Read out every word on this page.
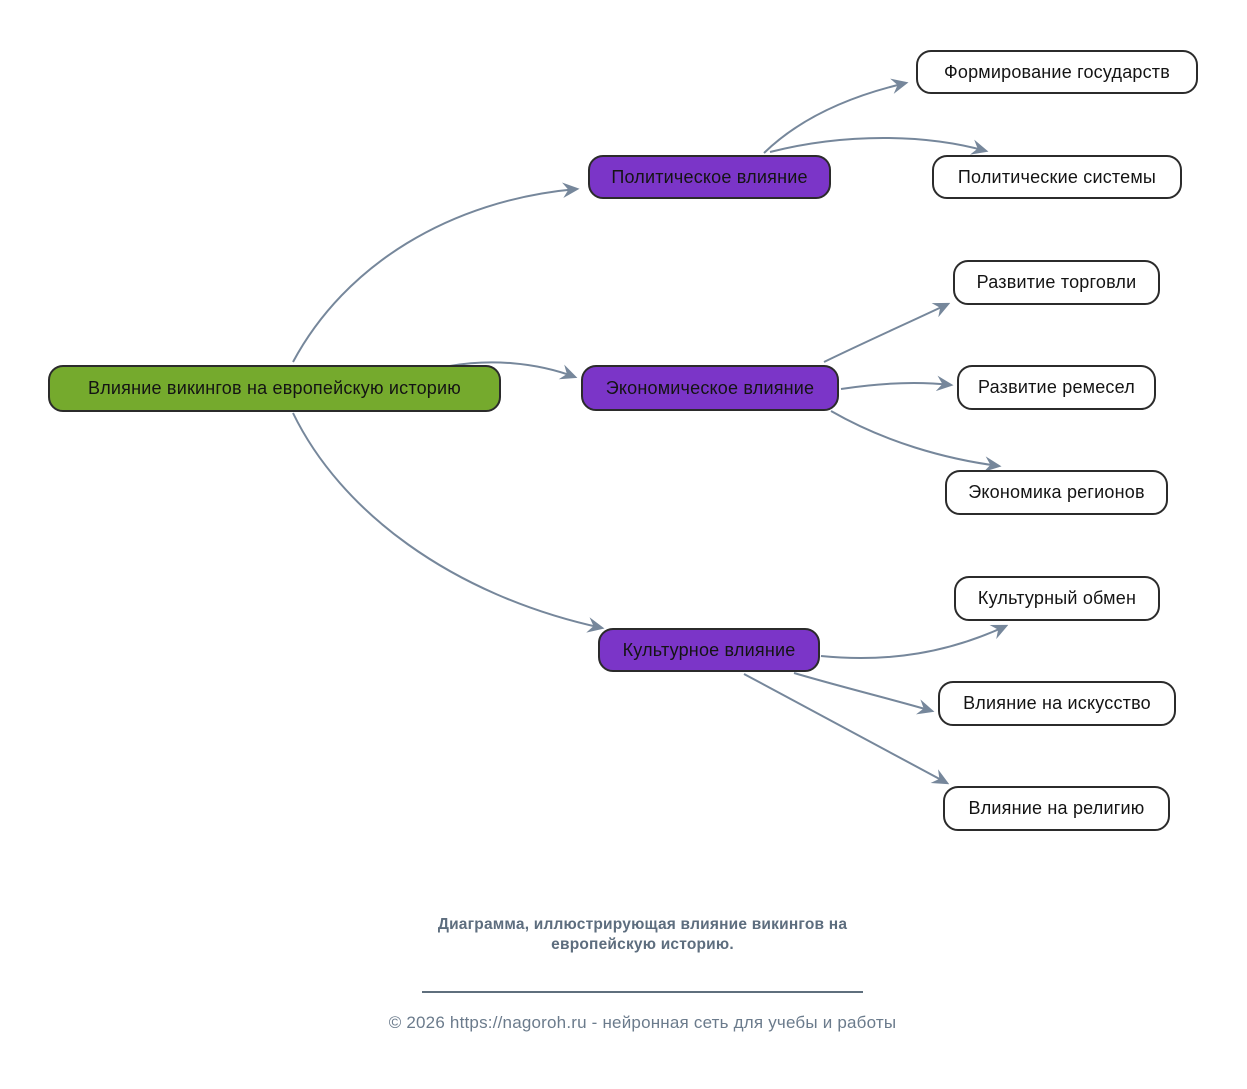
Влияние викингов на европейскую историю
Политическое влияние
Экономическое влияние
Культурное влияние
Формирование государств
Политические системы
Развитие торговли
Развитие ремесел
Экономика регионов
Культурный обмен
Влияние на искусство
Влияние на религию
Диаграмма, иллюстрирующая влияние викингов на
европейскую историю.
© 2026 https://nagoroh.ru - нейронная сеть для учебы и работы
